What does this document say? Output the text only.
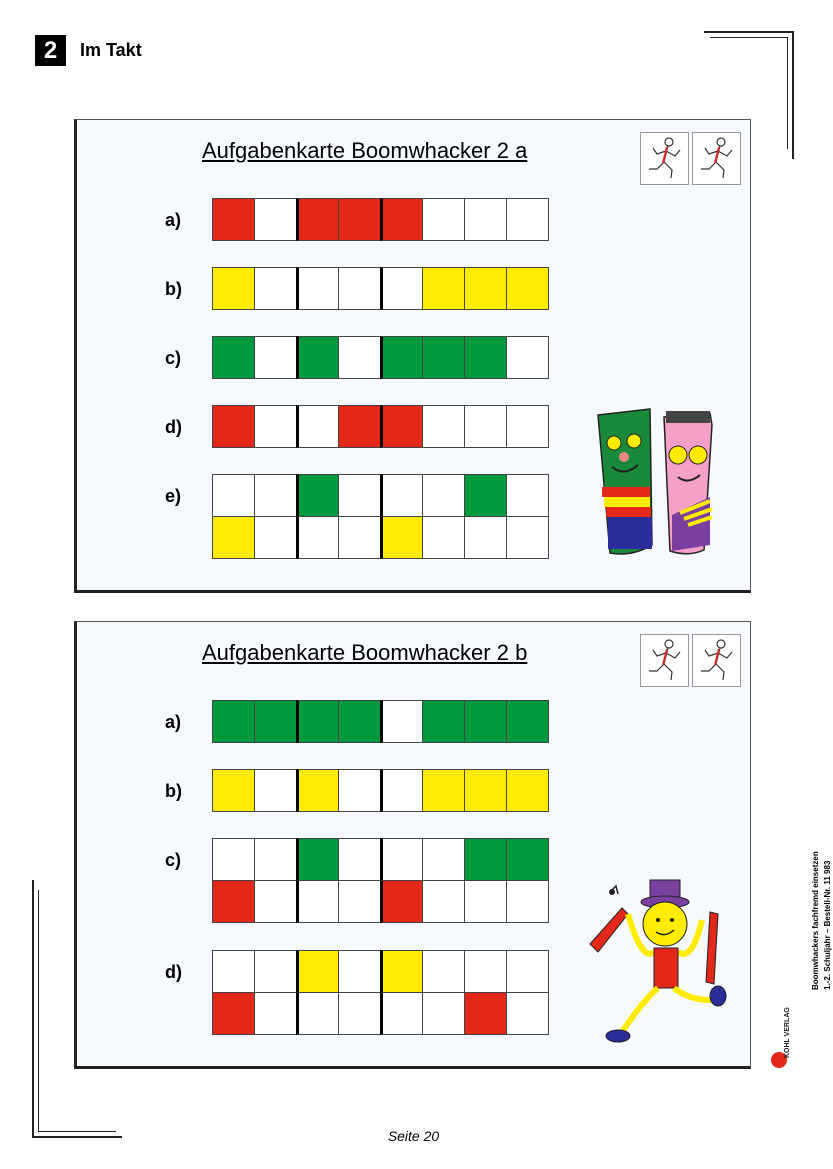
2	Im Takt
Aufgabenkarte Boomwhacker 2 a
a)
b)
c)
d)
e)
Aufgabenkarte Boomwhacker 2 b
a)
b)
c)
d)	Boomwhackers fachfremd einsetzen 1.-2. Schuljahr – Bestell-Nr. 11 983
KOHL VERLAG
Seite 20
